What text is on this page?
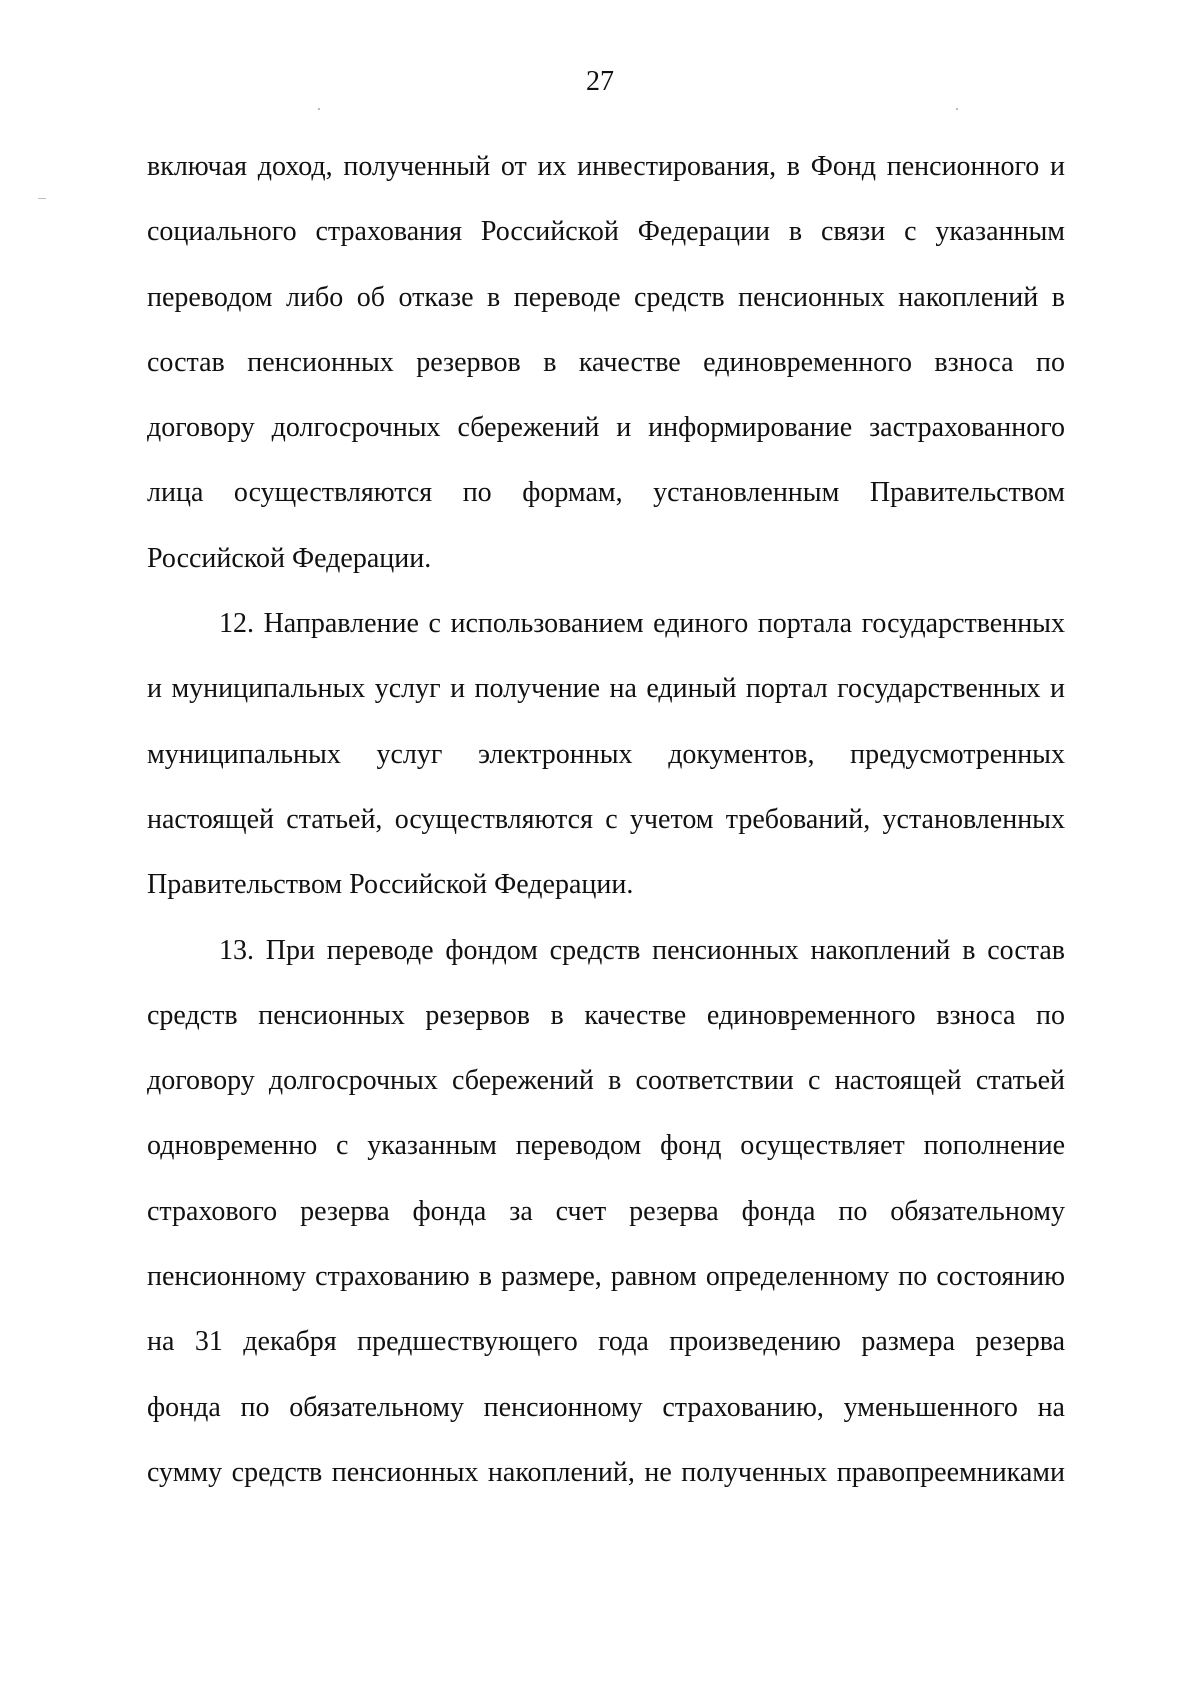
27
включая доход, полученный от их инвестирования, в Фонд пенсионного и
социального страхования Российской Федерации в связи с указанным
переводом либо об отказе в переводе средств пенсионных накоплений в
состав пенсионных резервов в качестве единовременного взноса по
договору долгосрочных сбережений и информирование застрахованного
лица осуществляются по формам, установленным Правительством
Российской Федерации.
12. Направление с использованием единого портала государственных
и муниципальных услуг и получение на единый портал государственных и
муниципальных услуг электронных документов, предусмотренных
настоящей статьей, осуществляются с учетом требований, установленных
Правительством Российской Федерации.
13. При переводе фондом средств пенсионных накоплений в состав
средств пенсионных резервов в качестве единовременного взноса по
договору долгосрочных сбережений в соответствии с настоящей статьей
одновременно с указанным переводом фонд осуществляет пополнение
страхового резерва фонда за счет резерва фонда по обязательному
пенсионному страхованию в размере, равном определенному по состоянию
на 31 декабря предшествующего года произведению размера резерва
фонда по обязательному пенсионному страхованию, уменьшенного на
сумму средств пенсионных накоплений, не полученных правопреемниками
